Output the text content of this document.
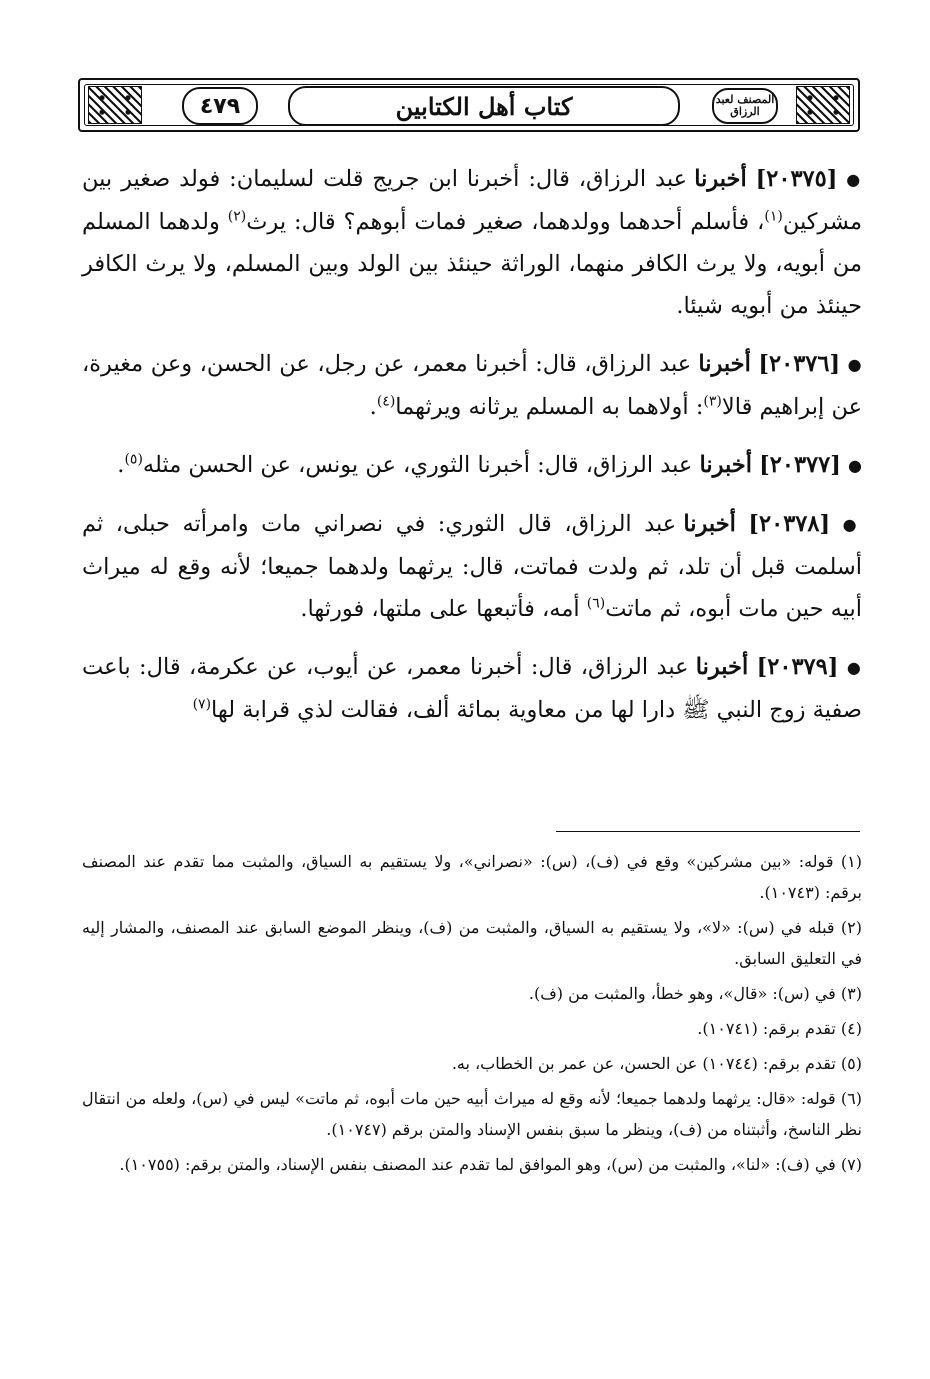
٤٧٩	كتاب أهل الكتابين	المصنف لعبد الرزاق

● [٢٠٣٧٥] أخبرنا عبد الرزاق، قال: أخبرنا ابن جريج قلت لسليمان: فولد صغير بين مشركين$^{(١)}$، فأسلم أحدهما وولدهما، صغير فمات أبوهم؟ قال: يرث$^{(٢)}$ ولدهما المسلم من أبويه، ولا يرث الكافر منهما، الوراثة حينئذ بين الولد وبين المسلم، ولا يرث الكافر حينئذ من أبويه شيئا.

● [٢٠٣٧٦] أخبرنا عبد الرزاق، قال: أخبرنا معمر، عن رجل، عن الحسن، وعن مغيرة، عن إبراهيم قالا$^{(٣)}$: أولاهما به المسلم يرثانه ويرثهما$^{(٤)}$.

● [٢٠٣٧٧] أخبرنا عبد الرزاق، قال: أخبرنا الثوري، عن يونس، عن الحسن مثله$^{(٥)}$.

● [٢٠٣٧٨] أخبرنا عبد الرزاق، قال الثوري: في نصراني مات وامرأته حبلى، ثم أسلمت قبل أن تلد، ثم ولدت فماتت، قال: يرثهما ولدهما جميعا؛ لأنه وقع له ميراث أبيه حين مات أبوه، ثم ماتت$^{(٦)}$ أمه، فأتبعها على ملتها، فورثها.

● [٢٠٣٧٩] أخبرنا عبد الرزاق، قال: أخبرنا معمر، عن أيوب، عن عكرمة، قال: باعت صفية زوج النبي ﷺ دارا لها من معاوية بمائة ألف، فقالت لذي قرابة لها$^{(٧)}$

(١) قوله: «بين مشركين» وقع في (ف)، (س): «نصراني»، ولا يستقيم به السياق، والمثبت مما تقدم عند المصنف برقم: (١٠٧٤٣).

(٢) قبله في (س): «لا»، ولا يستقيم به السياق، والمثبت من (ف)، وينظر الموضع السابق عند المصنف، والمشار إليه في التعليق السابق.

(٣) في (س): «قال»، وهو خطأ، والمثبت من (ف).

(٤) تقدم برقم: (١٠٧٤١).

(٥) تقدم برقم: (١٠٧٤٤) عن الحسن، عن عمر بن الخطاب، به.

(٦) قوله: «قال: يرثهما ولدهما جميعا؛ لأنه وقع له ميراث أبيه حين مات أبوه، ثم ماتت» ليس في (س)، ولعله من انتقال نظر الناسخ، وأثبتناه من (ف)، وينظر ما سبق بنفس الإسناد والمتن برقم (١٠٧٤٧).

(٧) في (ف): «لنا»، والمثبت من (س)، وهو الموافق لما تقدم عند المصنف بنفس الإسناد، والمتن برقم: (١٠٧٥٥).
